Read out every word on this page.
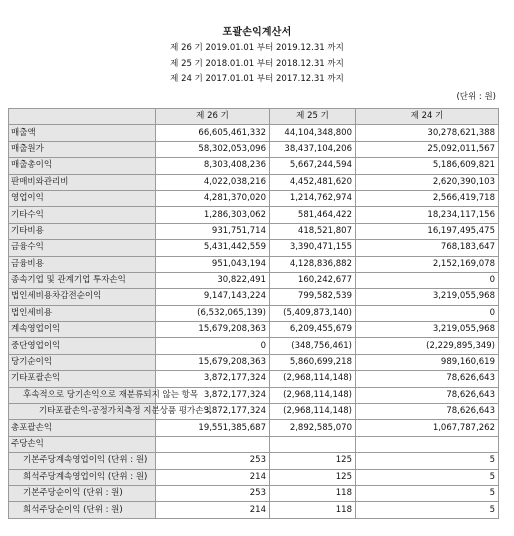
포괄손익계산서
제 26 기 2019.01.01 부터 2019.12.31 까지
제 25 기 2018.01.01 부터 2018.12.31 까지
제 24 기 2017.01.01 부터 2017.12.31 까지
(단위 : 원)
	제 26 기	제 25 기	제 24 기
매출액	66,605,461,332	44,104,348,800	30,278,621,388
매출원가	58,302,053,096	38,437,104,206	25,092,011,567
매출총이익	8,303,408,236	5,667,244,594	5,186,609,821
판매비와관리비	4,022,038,216	4,452,481,620	2,620,390,103
영업이익	4,281,370,020	1,214,762,974	2,566,419,718
기타수익	1,286,303,062	581,464,422	18,234,117,156
기타비용	931,751,714	418,521,807	16,197,495,475
금융수익	5,431,442,559	3,390,471,155	768,183,647
금융비용	951,043,194	4,128,836,882	2,152,169,078
종속기업 및 관계기업 투자손익	30,822,491	160,242,677	0
법인세비용차감전순이익	9,147,143,224	799,582,539	3,219,055,968
법인세비용	(6,532,065,139)	(5,409,873,140)	0
계속영업이익	15,679,208,363	6,209,455,679	3,219,055,968
중단영업이익	0	(348,756,461)	(2,229,895,349)
당기순이익	15,679,208,363	5,860,699,218	989,160,619
기타포괄손익	3,872,177,324	(2,968,114,148)	78,626,643
후속적으로 당기손익으로 재분류되지 않는 항목	3,872,177,324	(2,968,114,148)	78,626,643
기타포괄손익-공정가치측정 지분상품 평가손익	3,872,177,324	(2,968,114,148)	78,626,643
총포괄손익	19,551,385,687	2,892,585,070	1,067,787,262
주당손익			
기본주당계속영업이익 (단위 : 원)	253	125	5
희석주당계속영업이익 (단위 : 원)	214	125	5
기본주당순이익 (단위 : 원)	253	118	5
희석주당순이익 (단위 : 원)	214	118	5
